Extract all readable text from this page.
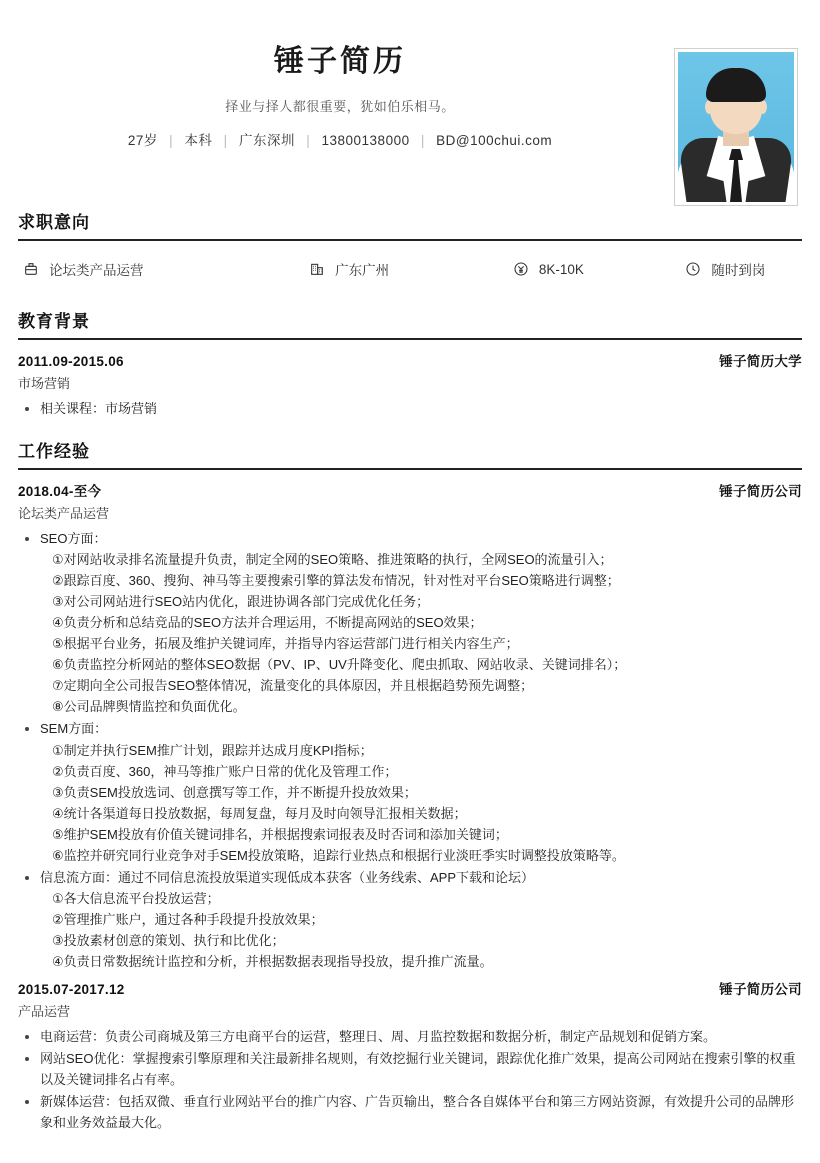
锤子简历
择业与择人都很重要，犹如伯乐相马。
27岁 | 本科 | 广东深圳 | 13800138000 | BD@100chui.com
求职意向
论坛类产品运营	广东广州	8K-10K	随时到岗
教育背景
2011.09-2015.06	锤子简历大学
市场营销
• 相关课程：市场营销
工作经验
2018.04-至今	锤子简历公司
论坛类产品运营
• SEO方面：
①对网站收录排名流量提升负责，制定全网的SEO策略、推进策略的执行，全网SEO的流量引入；
②跟踪百度、360、搜狗、神马等主要搜索引擎的算法发布情况，针对性对平台SEO策略进行调整；
③对公司网站进行SEO站内优化，跟进协调各部门完成优化任务；
④负责分析和总结竞品的SEO方法并合理运用，不断提高网站的SEO效果；
⑤根据平台业务，拓展及维护关键词库，并指导内容运营部门进行相关内容生产；
⑥负责监控分析网站的整体SEO数据（PV、IP、UV升降变化、爬虫抓取、网站收录、关键词排名）；
⑦定期向全公司报告SEO整体情况，流量变化的具体原因，并且根据趋势预先调整；
⑧公司品牌舆情监控和负面优化。
• SEM方面：
①制定并执行SEM推广计划，跟踪并达成月度KPI指标；
②负责百度、360，神马等推广账户日常的优化及管理工作；
③负责SEM投放选词、创意撰写等工作，并不断提升投放效果；
④统计各渠道每日投放数据，每周复盘，每月及时向领导汇报相关数据；
⑤维护SEM投放有价值关键词排名，并根据搜索词报表及时否词和添加关键词；
⑥监控并研究同行业竞争对手SEM投放策略，追踪行业热点和根据行业淡旺季实时调整投放策略等。
• 信息流方面：通过不同信息流投放渠道实现低成本获客（业务线索、APP下载和论坛）
①各大信息流平台投放运营；
②管理推广账户，通过各种手段提升投放效果；
③投放素材创意的策划、执行和比优化；
④负责日常数据统计监控和分析，并根据数据表现指导投放，提升推广流量。
2015.07-2017.12	锤子简历公司
产品运营
• 电商运营：负责公司商城及第三方电商平台的运营，整理日、周、月监控数据和数据分析，制定产品规划和促销方案。
• 网站SEO优化：掌握搜索引擎原理和关注最新排名规则，有效挖掘行业关键词，跟踪优化推广效果，提高公司网站在搜索引擎的权重以及关键词排名占有率。
• 新媒体运营：包括双微、垂直行业网站平台的推广内容、广告页输出，整合各自媒体平台和第三方网站资源，有效提升公司的品牌形象和业务效益最大化。
